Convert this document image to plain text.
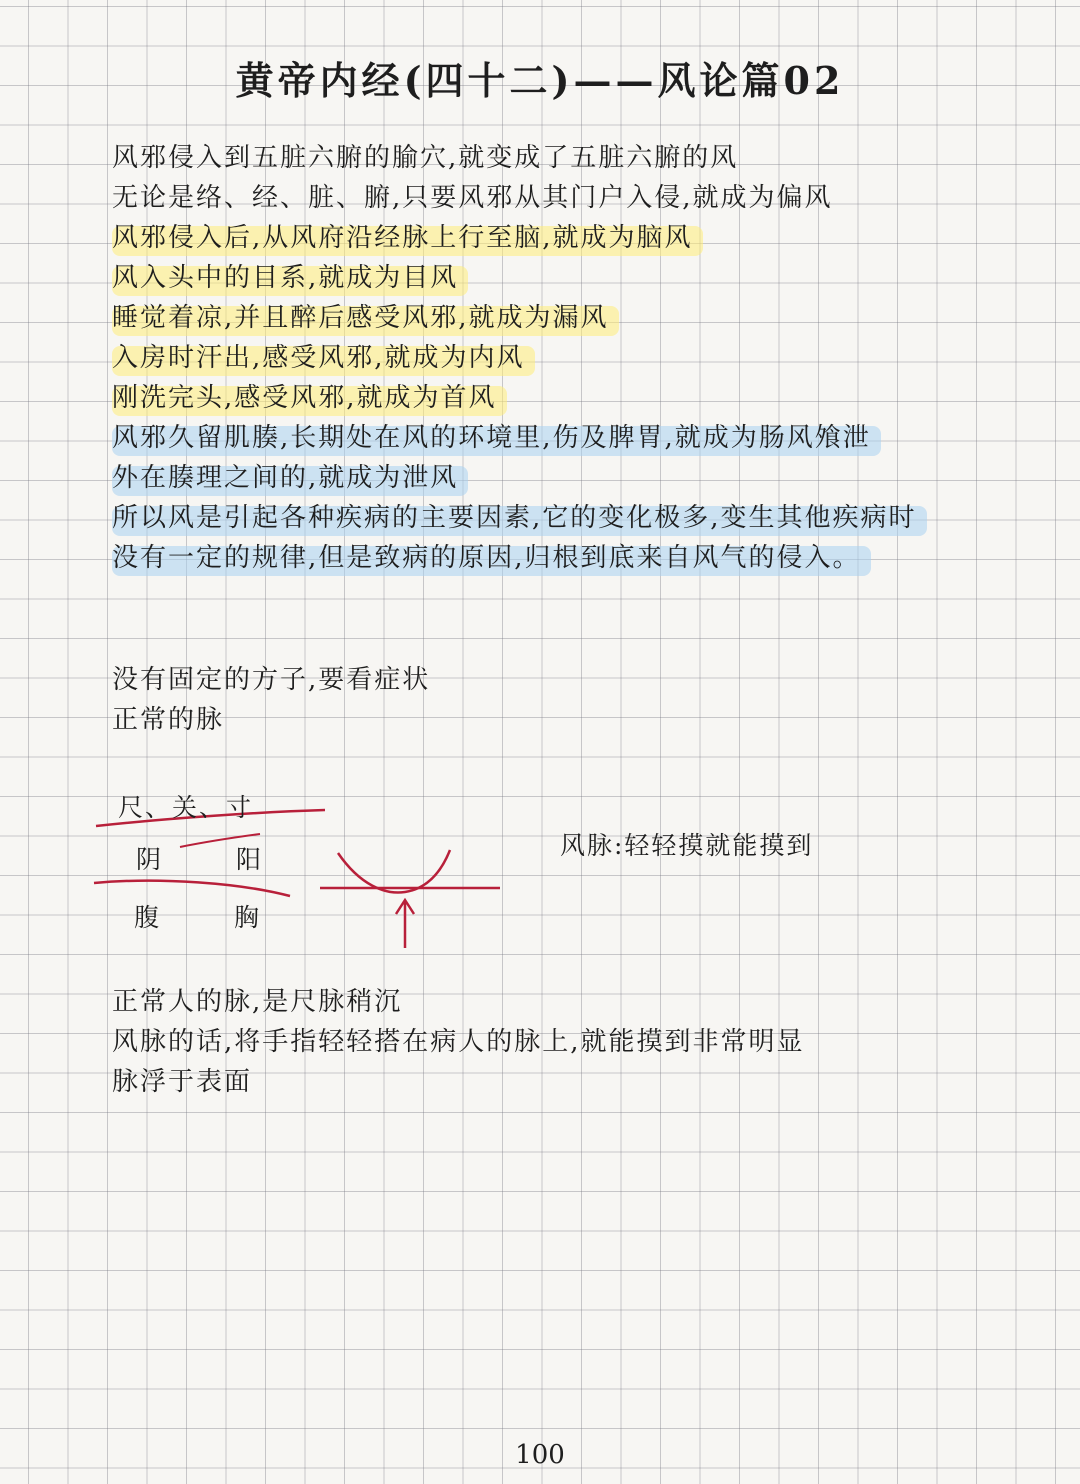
黄帝内经(四十二)——风论篇02
风邪侵入到五脏六腑的腧穴,就变成了五脏六腑的风
无论是络、经、脏、腑,只要风邪从其门户入侵,就成为偏风
风邪侵入后,从风府沿经脉上行至脑,就成为脑风
风入头中的目系,就成为目风
睡觉着凉,并且醉后感受风邪,就成为漏风
入房时汗出,感受风邪,就成为内风
刚洗完头,感受风邪,就成为首风
风邪久留肌腠,长期处在风的环境里,伤及脾胃,就成为肠风飧泄
外在腠理之间的,就成为泄风
所以风是引起各种疾病的主要因素,它的变化极多,变生其他疾病时
没有一定的规律,但是致病的原因,归根到底来自风气的侵入。
没有固定的方子,要看症状
正常的脉
尺、关、寸
阴	阳
腹	胸
风脉:轻轻摸就能摸到
正常人的脉,是尺脉稍沉
风脉的话,将手指轻轻搭在病人的脉上,就能摸到非常明显
脉浮于表面
100
